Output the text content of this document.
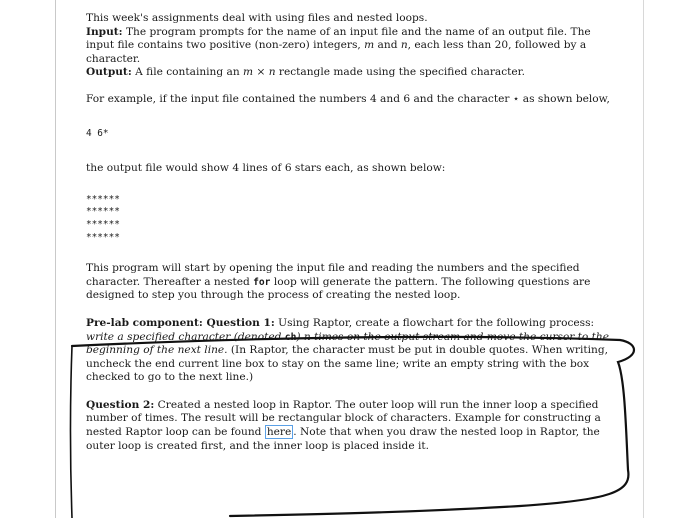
This week's assignments deal with using files and nested loops.

Input: The program prompts for the name of an input file and the name of an output file. The input file contains two positive (non-zero) integers, m and n, each less than 20, followed by a character.

Output: A file containing an m × n rectangle made using the specified character.

For example, if the input file contained the numbers 4 and 6 and the character ⋆ as shown below,

4 6*

the output file would show 4 lines of 6 stars each, as shown below:

******
******
******
******

This program will start by opening the input file and reading the numbers and the specified character. Thereafter a nested for loop will generate the pattern. The following questions are designed to step you through the process of creating the nested loop.

Pre-lab component: Question 1: Using Raptor, create a flowchart for the following process: write a specified character (denoted ch) n times on the output stream and move the cursor to the beginning of the next line. (In Raptor, the character must be put in double quotes. When writing, uncheck the end current line box to stay on the same line; write an empty string with the box checked to go to the next line.)

Question 2: Created a nested loop in Raptor. The outer loop will run the inner loop a specified number of times. The result will be rectangular block of characters. Example for constructing a nested Raptor loop can be found here . Note that when you draw the nested loop in Raptor, the outer loop is created first, and the inner loop is placed inside it.
